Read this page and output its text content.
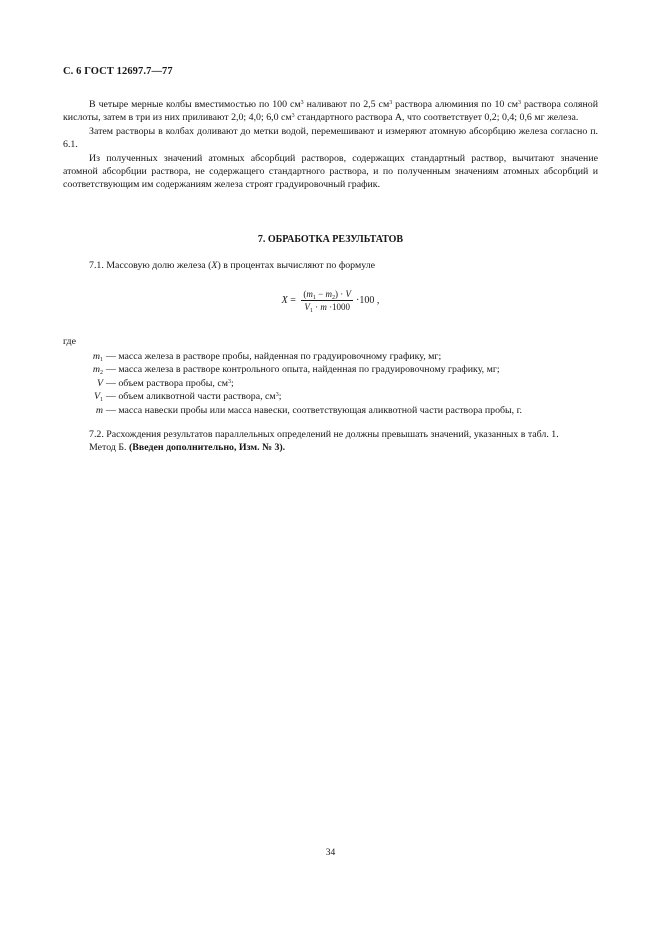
С. 6 ГОСТ 12697.7—77

В четыре мерные колбы вместимостью по 100 $см^3$ наливают по 2,5 $см^3$ раствора алюминия по 10 $см^3$ раствора соляной кислоты, затем в три из них приливают 2,0; 4,0; 6,0 $см^3$ стандартного раствора А, что соответствует 0,2; 0,4; 0,6 мг железа.

Затем растворы в колбах доливают до метки водой, перемешивают и измеряют атомную абсорбцию железа согласно п. 6.1.

Из полученных значений атомных абсорбций растворов, содержащих стандартный раствор, вычитают значение атомной абсорбции раствора, не содержащего стандартного раствора, и по полученным значениям атомных абсорбций и соответствующим им содержаниям железа строят градуировочный график.

7. ОБРАБОТКА РЕЗУЛЬТАТОВ

7.1. Массовую долю железа (X) в процентах вычисляют по формуле

$X = \frac{(m_1 - m_2) \cdot V}{V_1 \cdot m \cdot 1000} \cdot 100$ ,
где

$m_1$ — масса железа в растворе пробы, найденная по градуировочному графику, мг;

$m_2$ — масса железа в растворе контрольного опыта, найденная по градуировочному графику, мг;

V — объем раствора пробы, $см^3$;

$V_1$ — объем аликвотной части раствора, $см^3$;

m — масса навески пробы или масса навески, соответствующая аликвотной части раствора пробы, г.

7.2. Расхождения результатов параллельных определений не должны превышать значений, указанных в табл. 1.

Метод Б. (Введен дополнительно, Изм. № 3).

34
